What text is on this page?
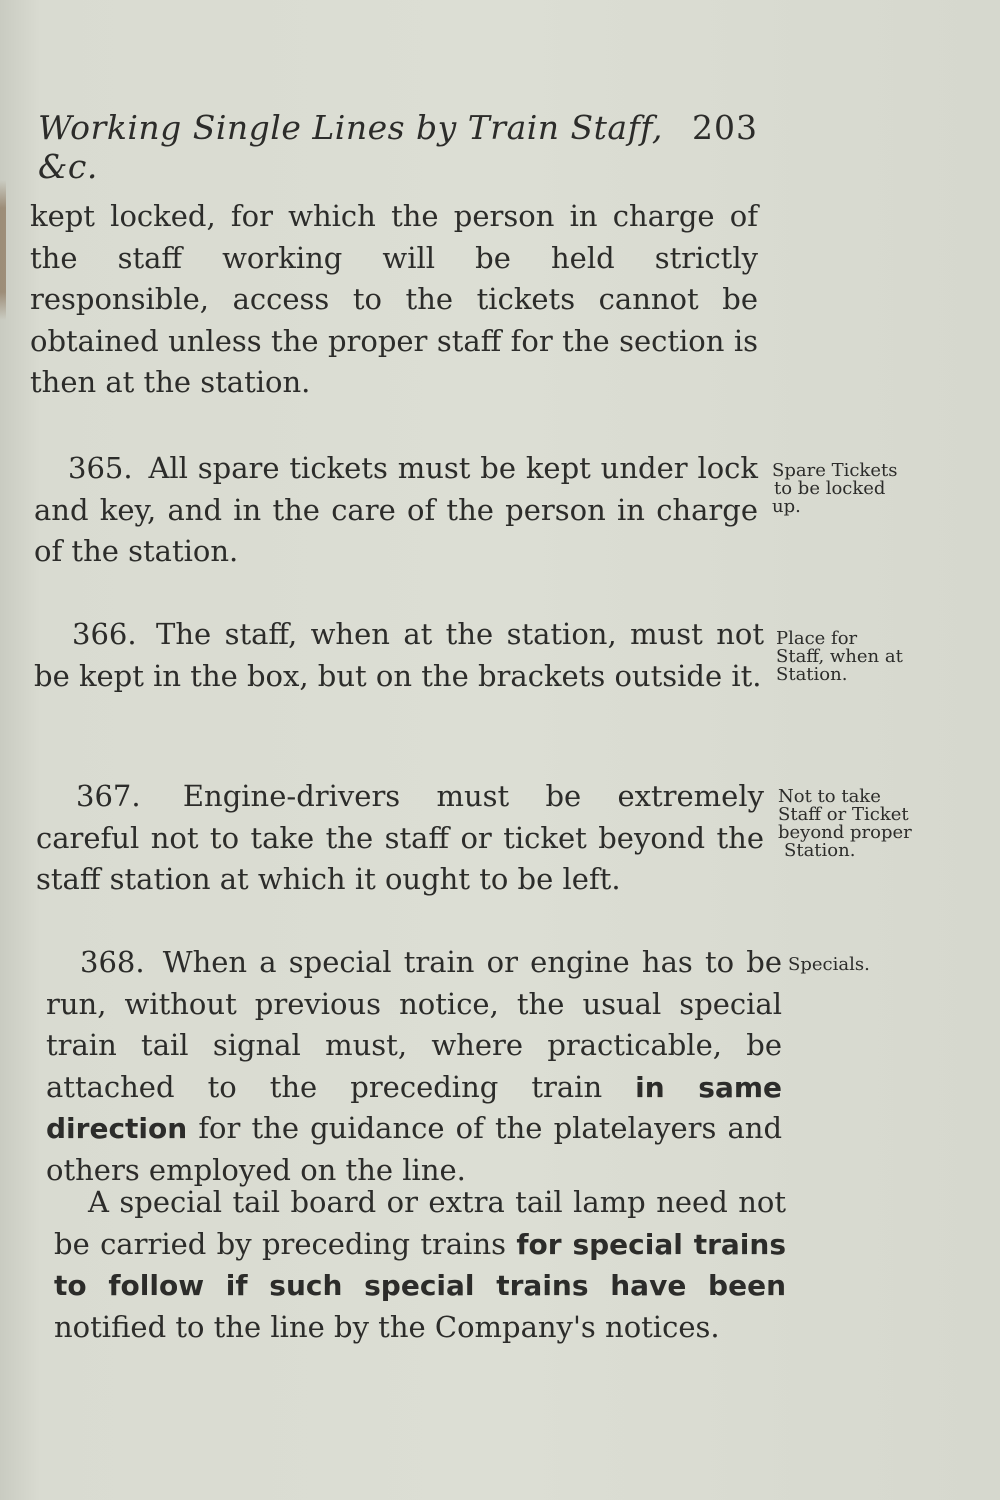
Working Single Lines by Train Staff, &c.
203
kept locked, for which the person in charge of the staff working will be held strictly responsible, access to the tickets cannot be obtained unless the proper staff for the section is then at the station.
365. All spare tickets must be kept under lock and key, and in the care of the person in charge of the station.
Spare Tickets
to be locked
up.
366. The staff, when at the station, must not be kept in the box, but on the brackets outside it.
Place for
Staff, when at
Station.
367. Engine-drivers must be extremely careful not to take the staff or ticket beyond the staff station at which it ought to be left.
Not to take
Staff or Ticket
beyond proper
Station.
368. When a special train or engine has to be run, without previous notice, the usual special train tail signal must, where practicable, be attached to the preceding train in same direction for the guidance of the platelayers and others employed on the line.
Specials.
A special tail board or extra tail lamp need not be carried by preceding trains for special trains to follow if such special trains have been notified to the line by the Company's notices.
